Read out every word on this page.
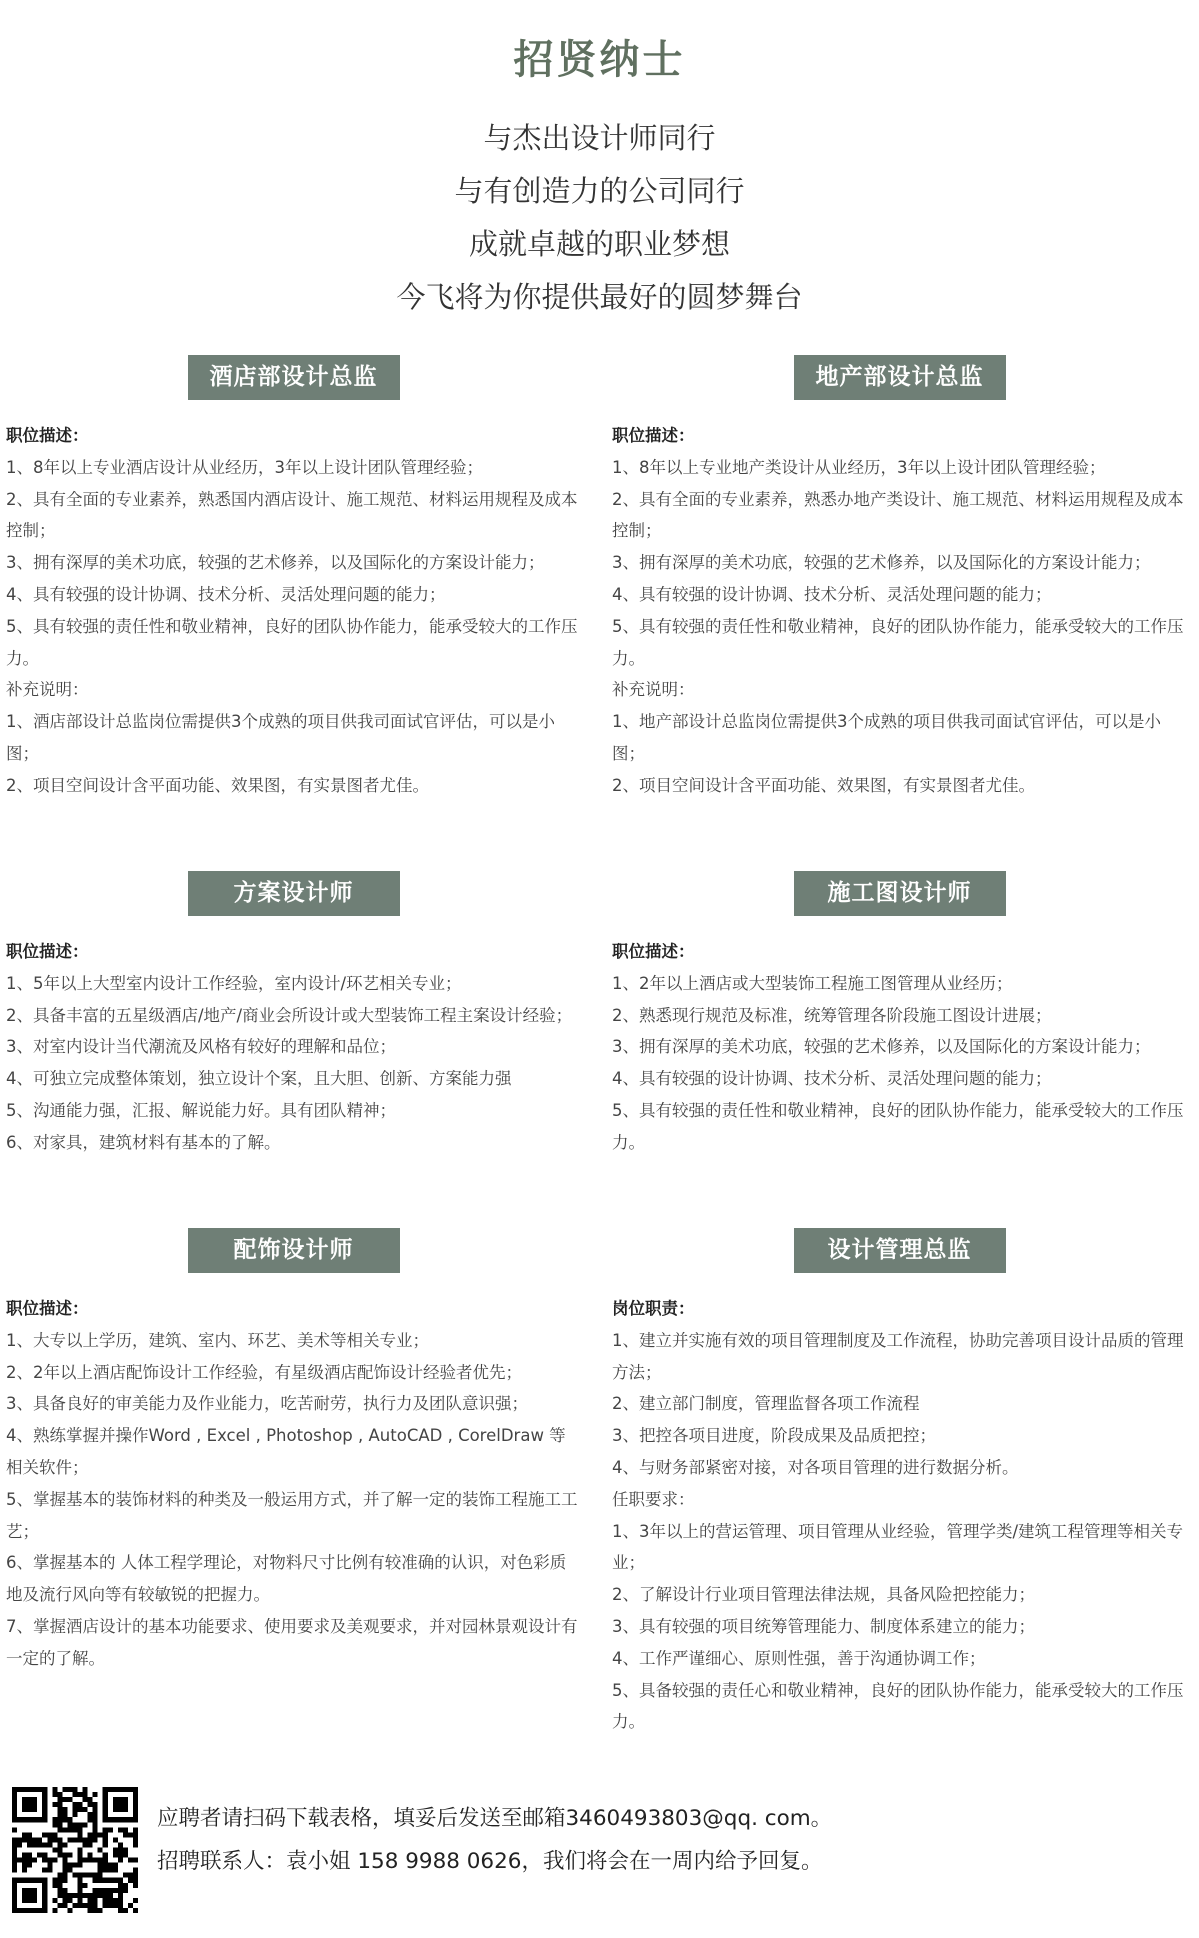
招贤纳士
与杰出设计师同行
与有创造力的公司同行
成就卓越的职业梦想
今飞将为你提供最好的圆梦舞台
酒店部设计总监

职位描述：

1、8年以上专业酒店设计从业经历，3年以上设计团队管理经验；

2、具有全面的专业素养，熟悉国内酒店设计、施工规范、材料运用规程及成本控制；

3、拥有深厚的美术功底，较强的艺术修养，以及国际化的方案设计能力；

4、具有较强的设计协调、技术分析、灵活处理问题的能力；

5、具有较强的责任性和敬业精神，良好的团队协作能力，能承受较大的工作压力。

补充说明：

1、酒店部设计总监岗位需提供3个成熟的项目供我司面试官评估，可以是小图；

2、项目空间设计含平面功能、效果图，有实景图者尤佳。

地产部设计总监

职位描述：

1、8年以上专业地产类设计从业经历，3年以上设计团队管理经验；

2、具有全面的专业素养，熟悉办地产类设计、施工规范、材料运用规程及成本控制；

3、拥有深厚的美术功底，较强的艺术修养，以及国际化的方案设计能力；

4、具有较强的设计协调、技术分析、灵活处理问题的能力；

5、具有较强的责任性和敬业精神，良好的团队协作能力，能承受较大的工作压力。

补充说明：

1、地产部设计总监岗位需提供3个成熟的项目供我司面试官评估，可以是小图；

2、项目空间设计含平面功能、效果图，有实景图者尤佳。

方案设计师

职位描述：

1、5年以上大型室内设计工作经验，室内设计/环艺相关专业；

2、具备丰富的五星级酒店/地产/商业会所设计或大型装饰工程主案设计经验；

3、对室内设计当代潮流及风格有较好的理解和品位；

4、可独立完成整体策划，独立设计个案，且大胆、创新、方案能力强

5、沟通能力强，汇报、解说能力好。具有团队精神；

6、对家具，建筑材料有基本的了解。

施工图设计师

职位描述：

1、2年以上酒店或大型装饰工程施工图管理从业经历；

2、熟悉现行规范及标准，统筹管理各阶段施工图设计进展；

3、拥有深厚的美术功底，较强的艺术修养，以及国际化的方案设计能力；

4、具有较强的设计协调、技术分析、灵活处理问题的能力；

5、具有较强的责任性和敬业精神，良好的团队协作能力，能承受较大的工作压力。

配饰设计师

职位描述：

1、大专以上学历，建筑、室内、环艺、美术等相关专业；

2、2年以上酒店配饰设计工作经验，有星级酒店配饰设计经验者优先；

3、具备良好的审美能力及作业能力，吃苦耐劳，执行力及团队意识强；

4、熟练掌握并操作Word , Excel , Photoshop , AutoCAD , CorelDraw 等相关软件；

5、掌握基本的装饰材料的种类及一般运用方式，并了解一定的装饰工程施工工艺；

6、掌握基本的 人体工程学理论，对物料尺寸比例有较准确的认识，对色彩质地及流行风向等有较敏锐的把握力。

7、掌握酒店设计的基本功能要求、使用要求及美观要求，并对园林景观设计有一定的了解。

设计管理总监

岗位职责：

1、建立并实施有效的项目管理制度及工作流程，协助完善项目设计品质的管理方法；

2、建立部门制度，管理监督各项工作流程

3、把控各项目进度，阶段成果及品质把控；

4、与财务部紧密对接，对各项目管理的进行数据分析。

任职要求：

1、3年以上的营运管理、项目管理从业经验，管理学类/建筑工程管理等相关专业；

2、了解设计行业项目管理法律法规，具备风险把控能力；

3、具有较强的项目统筹管理能力、制度体系建立的能力；

4、工作严谨细心、原则性强，善于沟通协调工作；

5、具备较强的责任心和敬业精神，良好的团队协作能力，能承受较大的工作压力。

应聘者请扫码下载表格，填妥后发送至邮箱3460493803@qq. com。
招聘联系人：袁小姐 158 9988 0626，我们将会在一周内给予回复。
